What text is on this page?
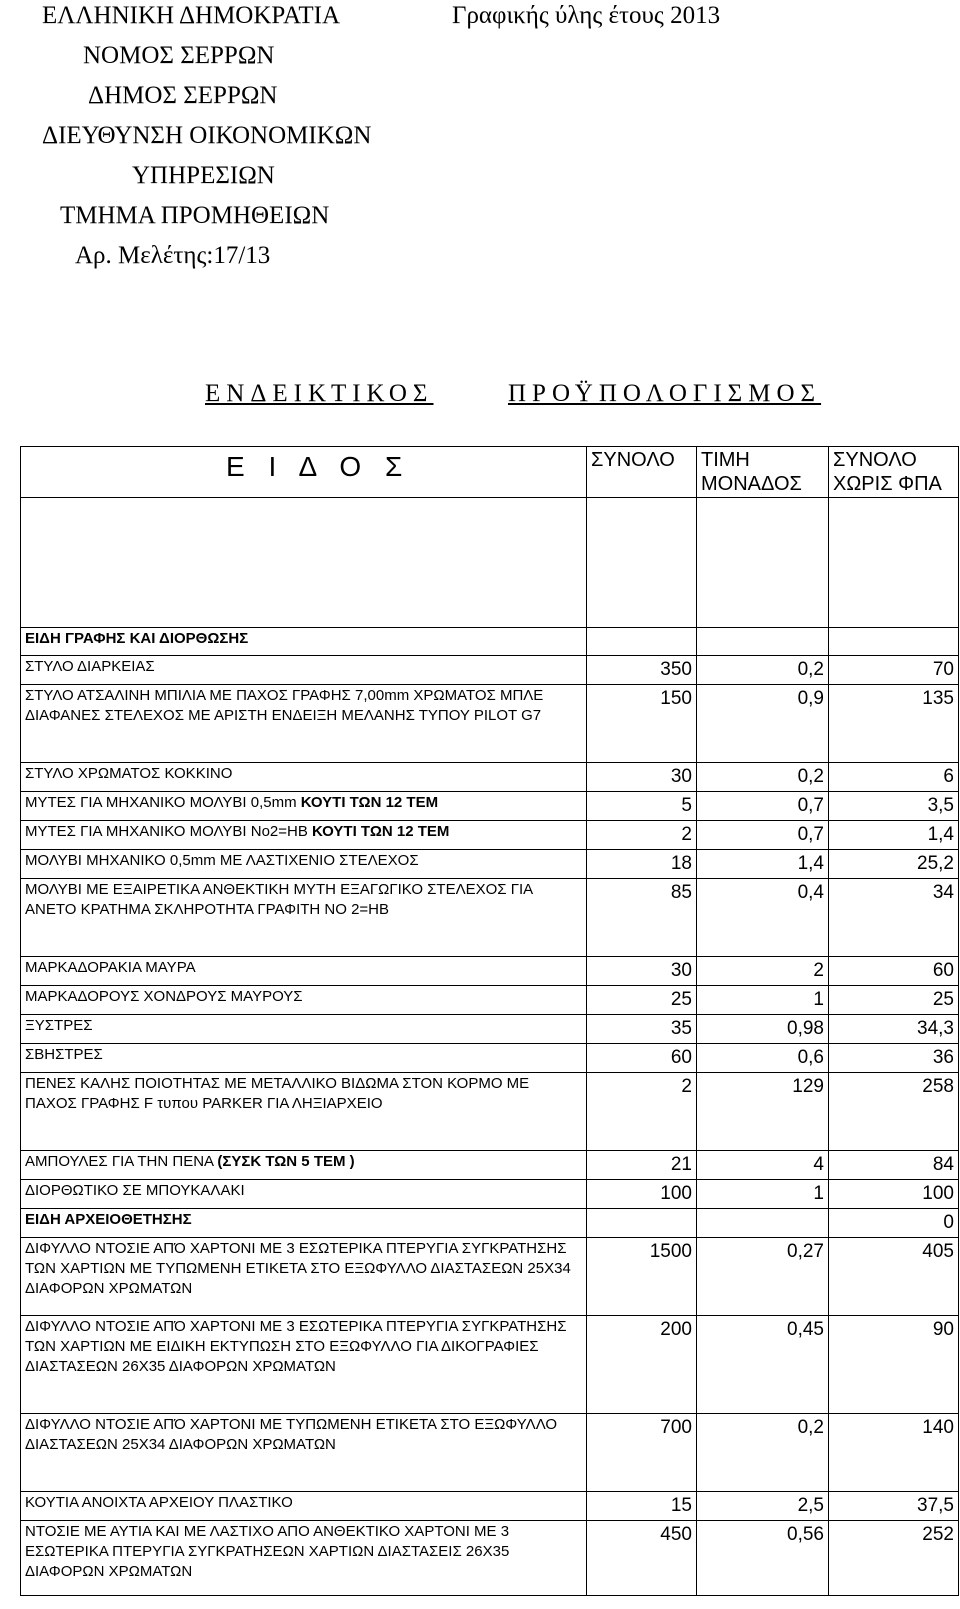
ΕΛΛΗΝΙΚΗ ΔΗΜΟΚΡΑΤΙΑ	Γραφικής ύλης έτους 2013
ΝΟΜΟΣ ΣΕΡΡΩΝ
ΔΗΜΟΣ ΣΕΡΡΩΝ
ΔΙΕΥΘΥΝΣΗ ΟΙΚΟΝΟΜΙΚΩΝ
ΥΠΗΡΕΣΙΩΝ
ΤΜΗΜΑ ΠΡΟΜΗΘΕΙΩΝ
Αρ. Μελέτης:17/13
ΕΝΔΕΙΚΤΙΚΟΣ	ΠΡΟΫΠΟΛΟΓΙΣΜΟΣ
Ε Ι Δ Ο Σ	ΣΥΝΟΛΟ	ΤΙΜΗ ΜΟΝΑΔΟΣ	ΣΥΝΟΛΟ ΧΩΡΙΣ ΦΠΑ

ΕΙΔΗ ΓΡΑΦΗΣ ΚΑΙ ΔΙΟΡΘΩΣΗΣ			
ΣΤΥΛΟ ΔΙΑΡΚΕΙΑΣ	350	0,2	70
ΣΤΥΛΟ ΑΤΣΑΛΙΝΗ ΜΠΙΛΙΑ ΜΕ ΠΑΧΟΣ ΓΡΑΦΗΣ 7,00mm ΧΡΩΜΑΤΟΣ ΜΠΛΕ ΔΙΑΦΑΝΕΣ ΣΤΕΛΕΧΟΣ ΜΕ ΑΡΙΣΤΗ ΕΝΔΕΙΞΗ ΜΕΛΑΝΗΣ ΤΥΠΟΥ PILOT G7	150	0,9	135
ΣΤΥΛΟ ΧΡΩΜΑΤΟΣ ΚΟΚΚΙΝΟ	30	0,2	6
ΜΥΤΕΣ ΓΙΑ ΜΗΧΑΝΙΚΟ ΜΟΛΥΒΙ 0,5mm ΚΟΥΤΙ ΤΩΝ 12 ΤΕΜ	5	0,7	3,5
ΜΥΤΕΣ ΓΙΑ ΜΗΧΑΝΙΚΟ ΜΟΛΥΒΙ No2=HB ΚΟΥΤΙ ΤΩΝ 12 ΤΕΜ	2	0,7	1,4
ΜΟΛΥΒΙ ΜΗΧΑΝΙΚΟ 0,5mm ΜΕ ΛΑΣΤΙΧΕΝΙΟ ΣΤΕΛΕΧΟΣ	18	1,4	25,2
ΜΟΛΥΒΙ ΜΕ ΕΞΑΙΡΕΤΙΚΑ ΑΝΘΕΚΤΙΚΗ ΜΥΤΗ ΕΞΑΓΩΓΙΚΟ ΣΤΕΛΕΧΟΣ ΓΙΑ ΑΝΕΤΟ ΚΡΑΤΗΜΑ ΣΚΛΗΡΟΤΗΤΑ ΓΡΑΦΙΤΗ ΝΟ 2=HB	85	0,4	34
ΜΑΡΚΑΔΟΡΑΚΙΑ ΜΑΥΡΑ	30	2	60
ΜΑΡΚΑΔΟΡΟΥΣ ΧΟΝΔΡΟΥΣ ΜΑΥΡΟΥΣ	25	1	25
ΞΥΣΤΡΕΣ	35	0,98	34,3
ΣΒΗΣΤΡΕΣ	60	0,6	36
ΠΕΝΕΣ ΚΑΛΗΣ ΠΟΙΟΤΗΤΑΣ ΜΕ ΜΕΤΑΛΛΙΚΟ ΒΙΔΩΜΑ ΣΤΟΝ ΚΟΡΜΟ ΜΕ ΠΑΧΟΣ ΓΡΑΦΗΣ F τυπου PARKER ΓΙΑ ΛΗΞΙΑΡΧΕΙΟ	2	129	258
ΑΜΠΟΥΛΕΣ ΓΙΑ ΤΗΝ ΠΕΝΑ (ΣΥΣΚ ΤΩΝ 5 ΤΕΜ )	21	4	84
ΔΙΟΡΘΩΤΙΚΟ ΣΕ ΜΠΟΥΚΑΛΑΚΙ	100	1	100
ΕΙΔΗ ΑΡΧΕΙΟΘΕΤΗΣΗΣ			0
ΔΙΦΥΛΛΟ ΝΤΟΣΙΕ ΑΠΌ ΧΑΡΤΟΝΙ ΜΕ 3 ΕΣΩΤΕΡΙΚΑ ΠΤΕΡΥΓΙΑ ΣΥΓΚΡΑΤΗΣΗΣ ΤΩΝ ΧΑΡΤΙΩΝ ΜΕ ΤΥΠΩΜΕΝΗ ΕΤΙΚΕΤΑ ΣΤΟ ΕΞΩΦΥΛΛΟ ΔΙΑΣΤΑΣΕΩΝ 25Χ34 ΔΙΑΦΟΡΩΝ ΧΡΩΜΑΤΩΝ	1500	0,27	405
ΔΙΦΥΛΛΟ ΝΤΟΣΙΕ ΑΠΌ ΧΑΡΤΟΝΙ ΜΕ 3 ΕΣΩΤΕΡΙΚΑ ΠΤΕΡΥΓΙΑ ΣΥΓΚΡΑΤΗΣΗΣ ΤΩΝ ΧΑΡΤΙΩΝ ΜΕ ΕΙΔΙΚΗ ΕΚΤΥΠΩΣΗ ΣΤΟ ΕΞΩΦΥΛΛΟ ΓΙΑ ΔΙΚΟΓΡΑΦΙΕΣ ΔΙΑΣΤΑΣΕΩΝ 26Χ35 ΔΙΑΦΟΡΩΝ ΧΡΩΜΑΤΩΝ	200	0,45	90
ΔΙΦΥΛΛΟ ΝΤΟΣΙΕ ΑΠΌ ΧΑΡΤΟΝΙ ΜΕ ΤΥΠΩΜΕΝΗ ΕΤΙΚΕΤΑ ΣΤΟ ΕΞΩΦΥΛΛΟ ΔΙΑΣΤΑΣΕΩΝ 25Χ34 ΔΙΑΦΟΡΩΝ ΧΡΩΜΑΤΩΝ	700	0,2	140
ΚΟΥΤΙΑ ΑΝΟΙΧΤΑ ΑΡΧΕΙΟΥ ΠΛΑΣΤΙΚΟ	15	2,5	37,5
ΝΤΟΣΙΕ ΜΕ ΑΥΤΙΑ ΚΑΙ ΜΕ ΛΑΣΤΙΧΟ ΑΠΟ ΑΝΘΕΚΤΙΚΟ ΧΑΡΤΟΝΙ ΜΕ 3 ΕΣΩΤΕΡΙΚΑ ΠΤΕΡΥΓΙΑ ΣΥΓΚΡΑΤΗΣΕΩΝ ΧΑΡΤΙΩΝ ΔΙΑΣΤΑΣΕΙΣ 26Χ35 ΔΙΑΦΟΡΩΝ ΧΡΩΜΑΤΩΝ	450	0,56	252
